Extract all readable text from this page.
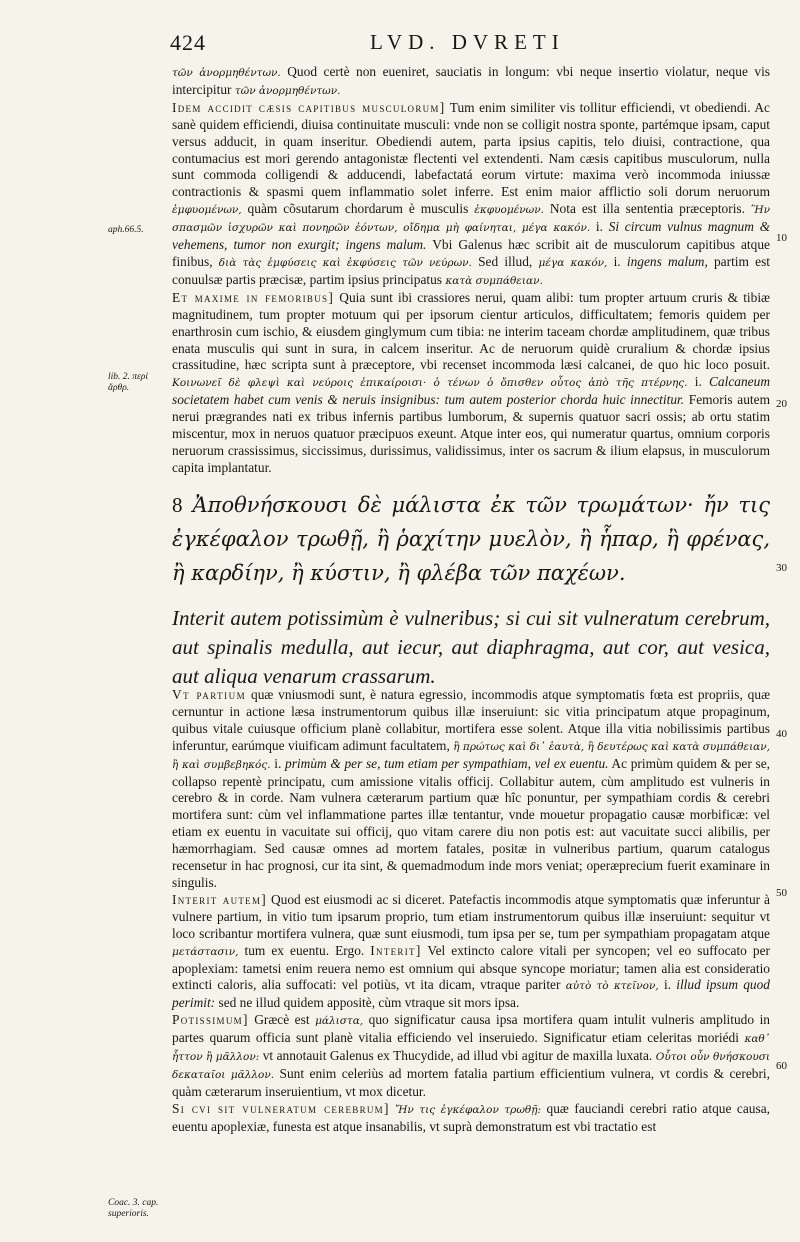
424	LVD. DVRETI
aph.66.5.
lib. 2. περὶ ἄρθρ.
Coac. 3. cap. superioris.
10
20
30
40
50
60

τῶν ἀνορμηθέντων. Quod certè non eueniret, sauciatis in longum: vbi neque insertio violatur, neque vis intercipitur τῶν ἀνορμηθέντων.

Idem accidit cæsis capitibus musculorum] Tum enim similiter vis tollitur efficiendi, vt obediendi. Ac sanè quidem efficiendi, diuisa continuitate musculi: vnde non se colligit nostra sponte, partémque ipsam, caput versus adducit, in quam inseritur. Obediendi autem, parta ipsius capitis, telo diuisi, contractione, qua contumacius est mori gerendo antagonistæ flectenti vel extendenti. Nam cæsis capitibus musculorum, nulla sunt commoda colligendi & adducendi, labefactatá eorum virtute: maxima verò incommoda iniussæ contractionis & spasmi quem inflammatio solet inferre. Est enim maior afflictio soli dorum neruorum ἐμφυομένων, quàm cõsutarum chordarum è musculis ἐκφυομένων. Nota est illa sententia præceptoris. Ἢν σπασμῶν ἰσχυρῶν καὶ πονηρῶν ἐόντων, οἴδημα μὴ φαίνηται, μέγα κακόν. i. Si circum vulnus magnum & vehemens, tumor non exurgit; ingens malum. Vbi Galenus hæc scribit ait de musculorum capitibus atque finibus, διὰ τὰς ἐμφύσεις καὶ ἐκφύσεις τῶν νεύρων. Sed illud, μέγα κακόν, i. ingens malum, partim est conuulsæ partis præcisæ, partim ipsius principatus κατὰ συμπάθειαν.

Et maxime in femoribus] Quia sunt ibi crassiores nerui, quam alibi: tum propter artuum cruris & tibiæ magnitudinem, tum propter motuum qui per ipsorum cientur articulos, difficultatem; femoris quidem per enarthrosin cum ischio, & eiusdem ginglymum cum tibia: ne interim taceam chordæ amplitudinem, quæ tribus enata musculis qui sunt in sura, in calcem inseritur. Ac de neruorum quidè cruralium & chordæ ipsius crassitudine, hæc scripta sunt à præceptore, vbi recenset incommoda læsi calcanei, de quo hic loco posuit. Κοινωνεῖ δὲ φλεψὶ καὶ νεύροις ἐπικαίροισι· ὁ τένων ὁ ὄπισθεν οὗτος ἀπὸ τῆς πτέρνης. i. Calcaneum societatem habet cum venis & neruis insignibus: tum autem posterior chorda huic innectitur. Femoris autem nerui prægrandes nati ex tribus infernis partibus lumborum, & supernis quatuor sacri ossis; ab ortu statim miscentur, mox in neruos quatuor præcipuos exeunt. Atque inter eos, qui numeratur quartus, omnium corporis neruorum crassissimus, siccissimus, durissimus, validissimus, inter os sacrum & ilium elapsus, in musculorum capita implantatur.

8 Ἀποθνήσκουσι δὲ μάλιστα ἐκ τῶν τρωμάτων· ἤν τις ἐγκέφαλον τρωθῇ, ἢ ῥαχίτην μυελὸν, ἢ ἧπαρ, ἢ φρένας, ἢ καρδίην, ἢ κύστιν, ἢ φλέβα τῶν παχέων.
Interit autem potissimùm è vulneribus; si cui sit vulneratum cerebrum, aut spinalis medulla, aut iecur, aut diaphragma, aut cor, aut vesica, aut aliqua venarum crassarum.

Vt partium quæ vniusmodi sunt, è natura egressio, incommodis atque symptomatis fœta est propriis, quæ cernuntur in actione læsa instrumentorum quibus illæ inseruiunt: sic vitia principatum atque propaginum, quibus vitale cuiusque officium planè collabitur, mortifera esse solent. Atque illa vitia nobilissimis partibus inferuntur, earúmque viuificam adimunt facultatem, ἢ πρώτως καὶ δι᾽ ἑαυτὰ, ἢ δευτέρως καὶ κατὰ συμπάθειαν, ἢ καὶ συμβεβηκός. i. primùm & per se, tum etiam per sympathiam, vel ex euentu. Ac primùm quidem & per se, collapso repentè principatu, cum amissione vitalis officij. Collabitur autem, cùm amplitudo est vulneris in cerebro & in corde. Nam vulnera cæterarum partium quæ hîc ponuntur, per sympathiam cordis & cerebri mortifera sunt: cùm vel inflammatione partes illæ tentantur, vnde mouetur propagatio causæ morbificæ: vel etiam ex euentu in vacuitate sui officij, quo vitam carere diu non potis est: aut vacuitate succi alibilis, per hæmorrhagiam. Sed causæ omnes ad mortem fatales, positæ in vulneribus partium, quarum catalogus recensetur in hac prognosi, cur ita sint, & quemadmodum inde mors veniat; operæprecium fuerit examinare in singulis.

Interit autem] Quod est eiusmodi ac si diceret. Patefactis incommodis atque symptomatis quæ inferuntur à vulnere partium, in vitio tum ipsarum proprio, tum etiam instrumentorum quibus illæ inseruiunt: sequitur vt loco scribantur mortifera vulnera, quæ sunt eiusmodi, tum ipsa per se, tum per sympathiam propagatam atque μετάστασιν, tum ex euentu. Ergo. Interit] Vel extincto calore vitali per syncopen; vel eo suffocato per apoplexiam: tametsi enim reuera nemo est omnium qui absque syncope moriatur; tamen alia est consideratio extincti caloris, alia suffocati: vel potiùs, vt ita dicam, vtraque pariter αὐτὸ τὸ κτεῖνον, i. illud ipsum quod perimit: sed ne illud quidem appositè, cùm vtraque sit mors ipsa.

Potissimum] Græcè est μάλιστα, quo significatur causa ipsa mortifera quam intulit vulneris amplitudo in partes quarum officia sunt planè vitalia efficiendo vel inseruiedo. Significatur etiam celeritas moriédi καθ᾽ ἧττον ἢ μᾶλλον: vt annotauit Galenus ex Thucydide, ad illud vbi agitur de maxilla luxata. Οὗτοι οὖν θνήσκουσι δεκαταῖοι μᾶλλον. Sunt enim celeriùs ad mortem fatalia partium efficientium vulnera, vt cordis & cerebri, quàm cæterarum inseruientium, vt mox dicetur.

Si cvi sit vulneratum cerebrum] Ἤν τις ἐγκέφαλον τρωθῇ: quæ fauciandi cerebri ratio atque causa, euentu apoplexiæ, funesta est atque insanabilis, vt suprà demonstratum est vbi tractatio est
